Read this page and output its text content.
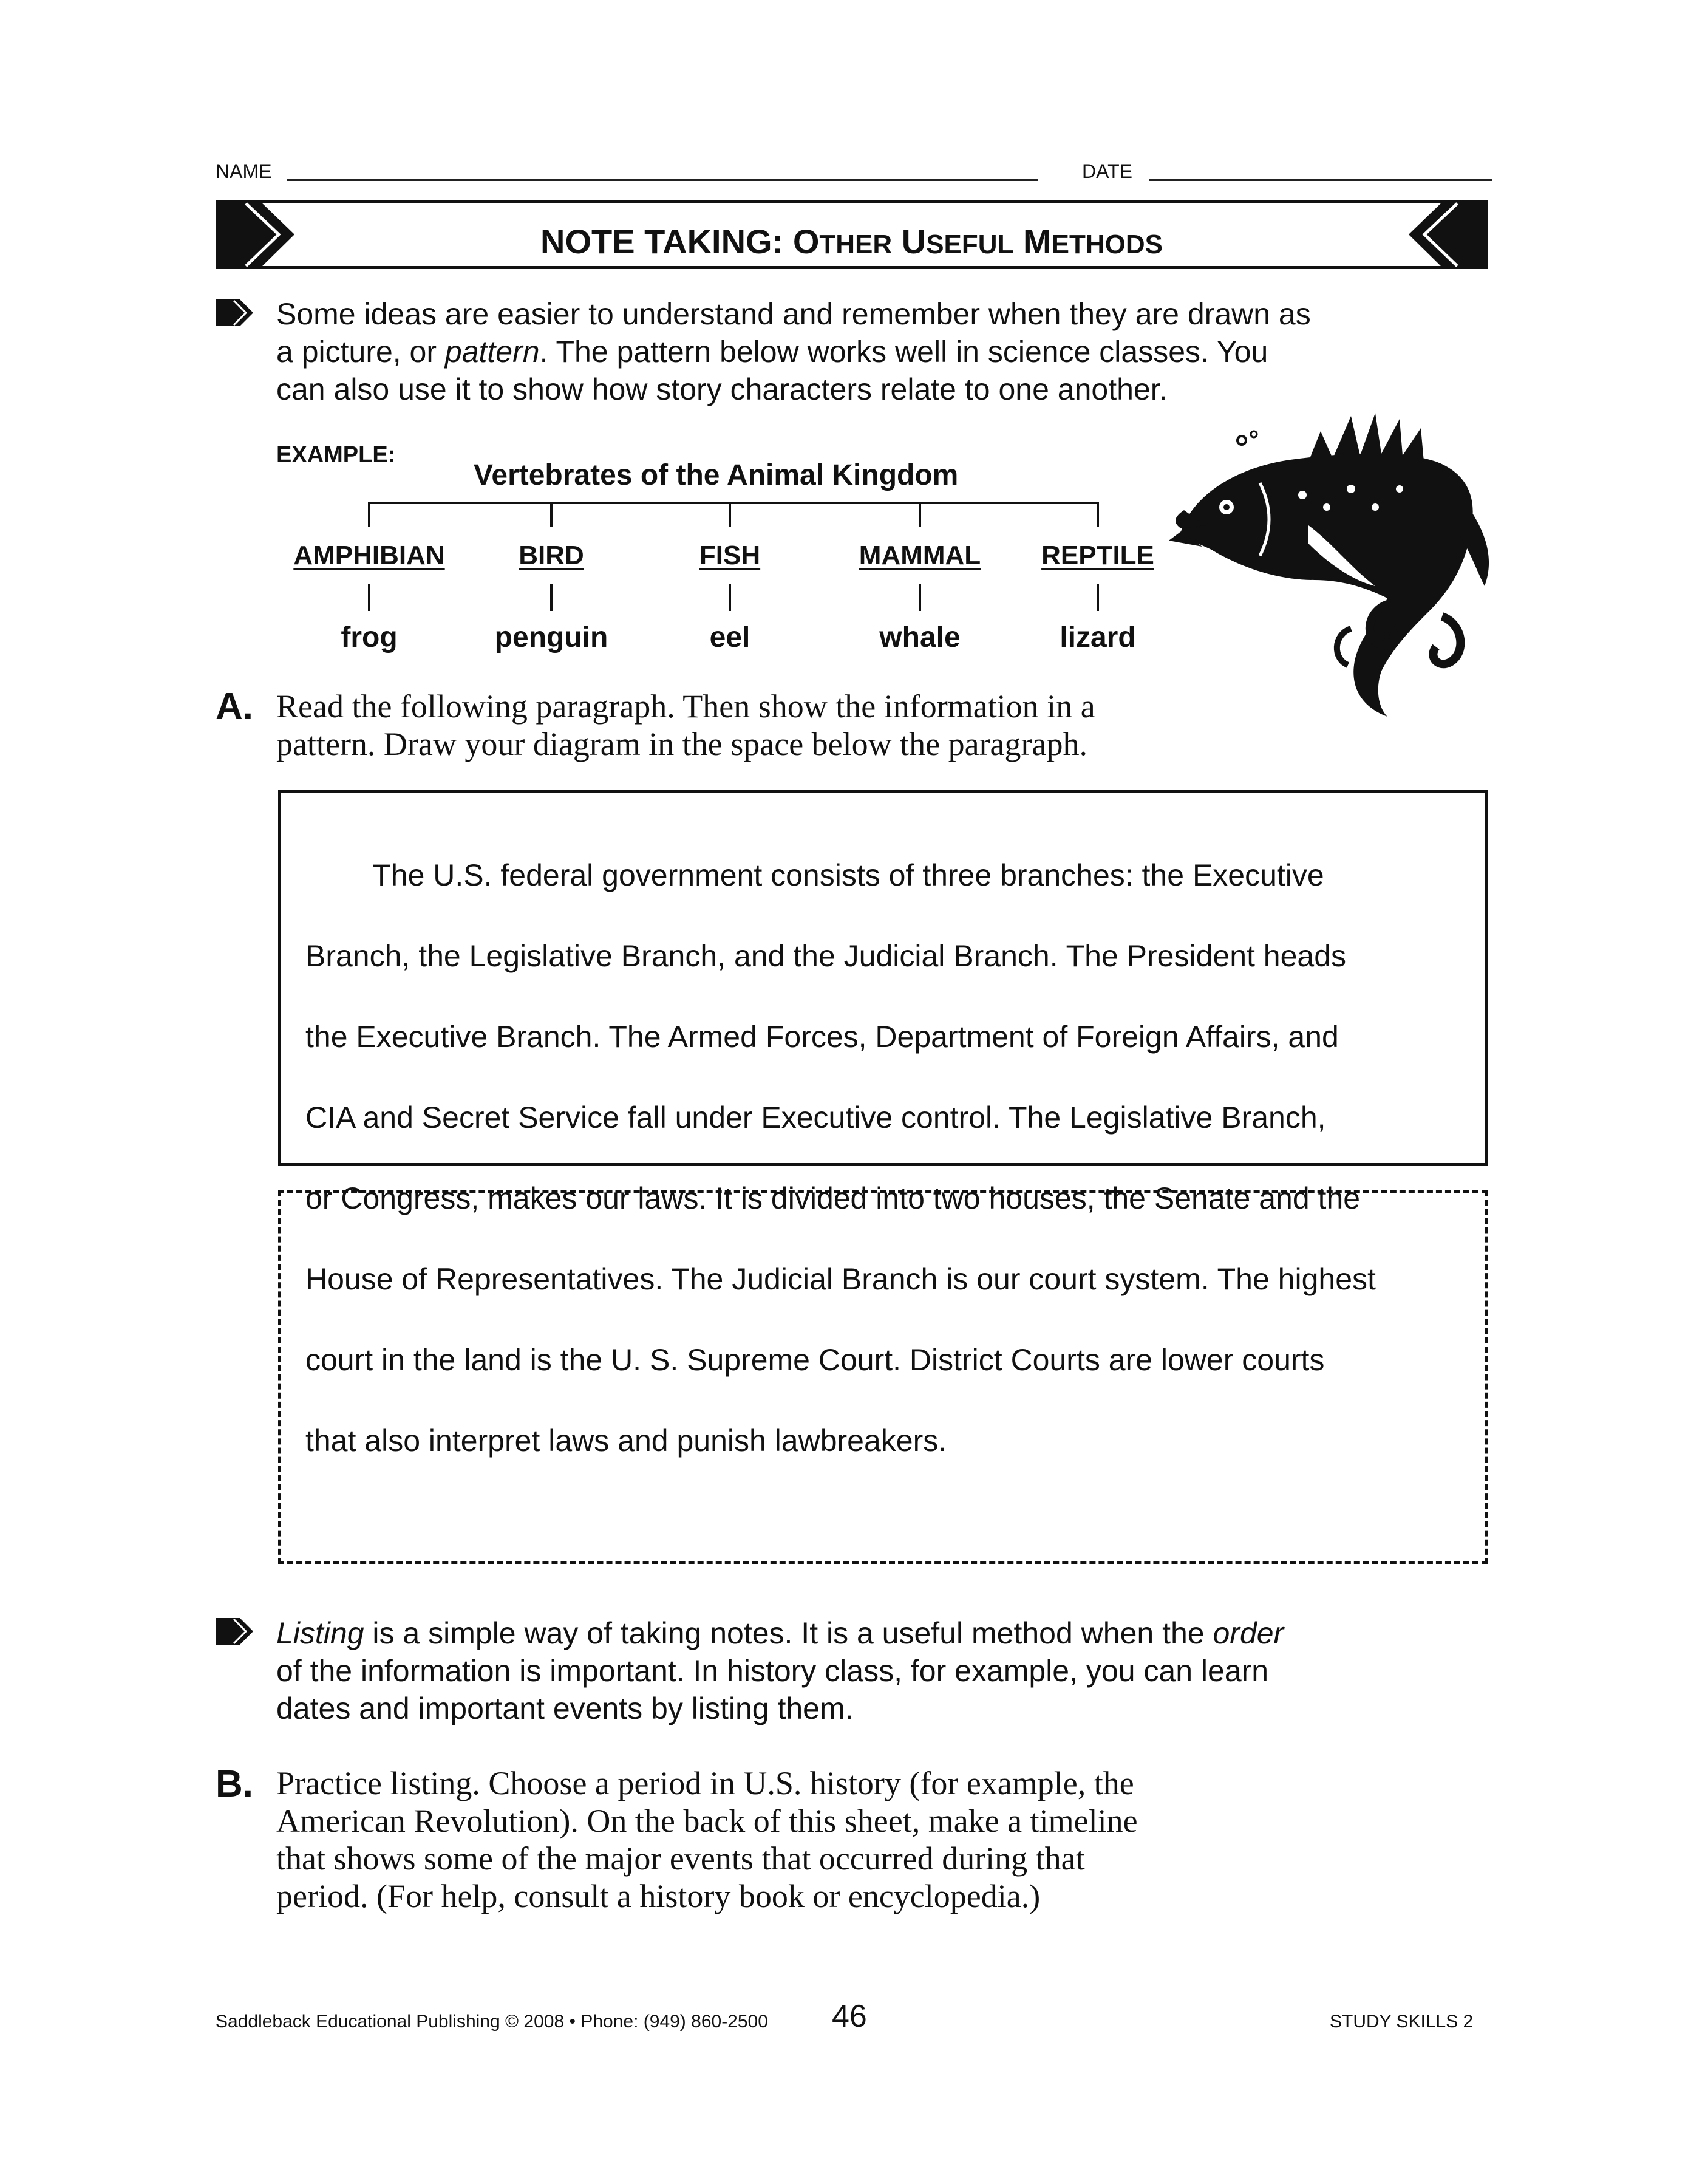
NAME	DATE
NOTE TAKING: OTHER USEFUL METHODS
Some ideas are easier to understand and remember when they are drawn as
a picture, or pattern. The pattern below works well in science classes. You
can also use it to show how story characters relate to one another.
EXAMPLE:
Vertebrates of the Animal Kingdom
AMPHIBIAN	BIRD	FISH	MAMMAL	REPTILE
frog	penguin	eel	whale	lizard
A. Read the following paragraph. Then show the information in a
pattern. Draw your diagram in the space below the paragraph.

The U.S. federal government consists of three branches: the Executive

Branch, the Legislative Branch, and the Judicial Branch. The President heads

the Executive Branch. The Armed Forces, Department of Foreign Affairs, and

CIA and Secret Service fall under Executive control. The Legislative Branch,

or Congress, makes our laws. It is divided into two houses, the Senate and the

House of Representatives. The Judicial Branch is our court system. The highest

court in the land is the U. S. Supreme Court. District Courts are lower courts

that also interpret laws and punish lawbreakers.

Listing is a simple way of taking notes. It is a useful method when the order
of the information is important. In history class, for example, you can learn
dates and important events by listing them.
B. Practice listing. Choose a period in U.S. history (for example, the
American Revolution). On the back of this sheet, make a timeline
that shows some of the major events that occurred during that
period. (For help, consult a history book or encyclopedia.)
Saddleback Educational Publishing © 2008 • Phone: (949) 860-2500 46	STUDY SKILLS 2
